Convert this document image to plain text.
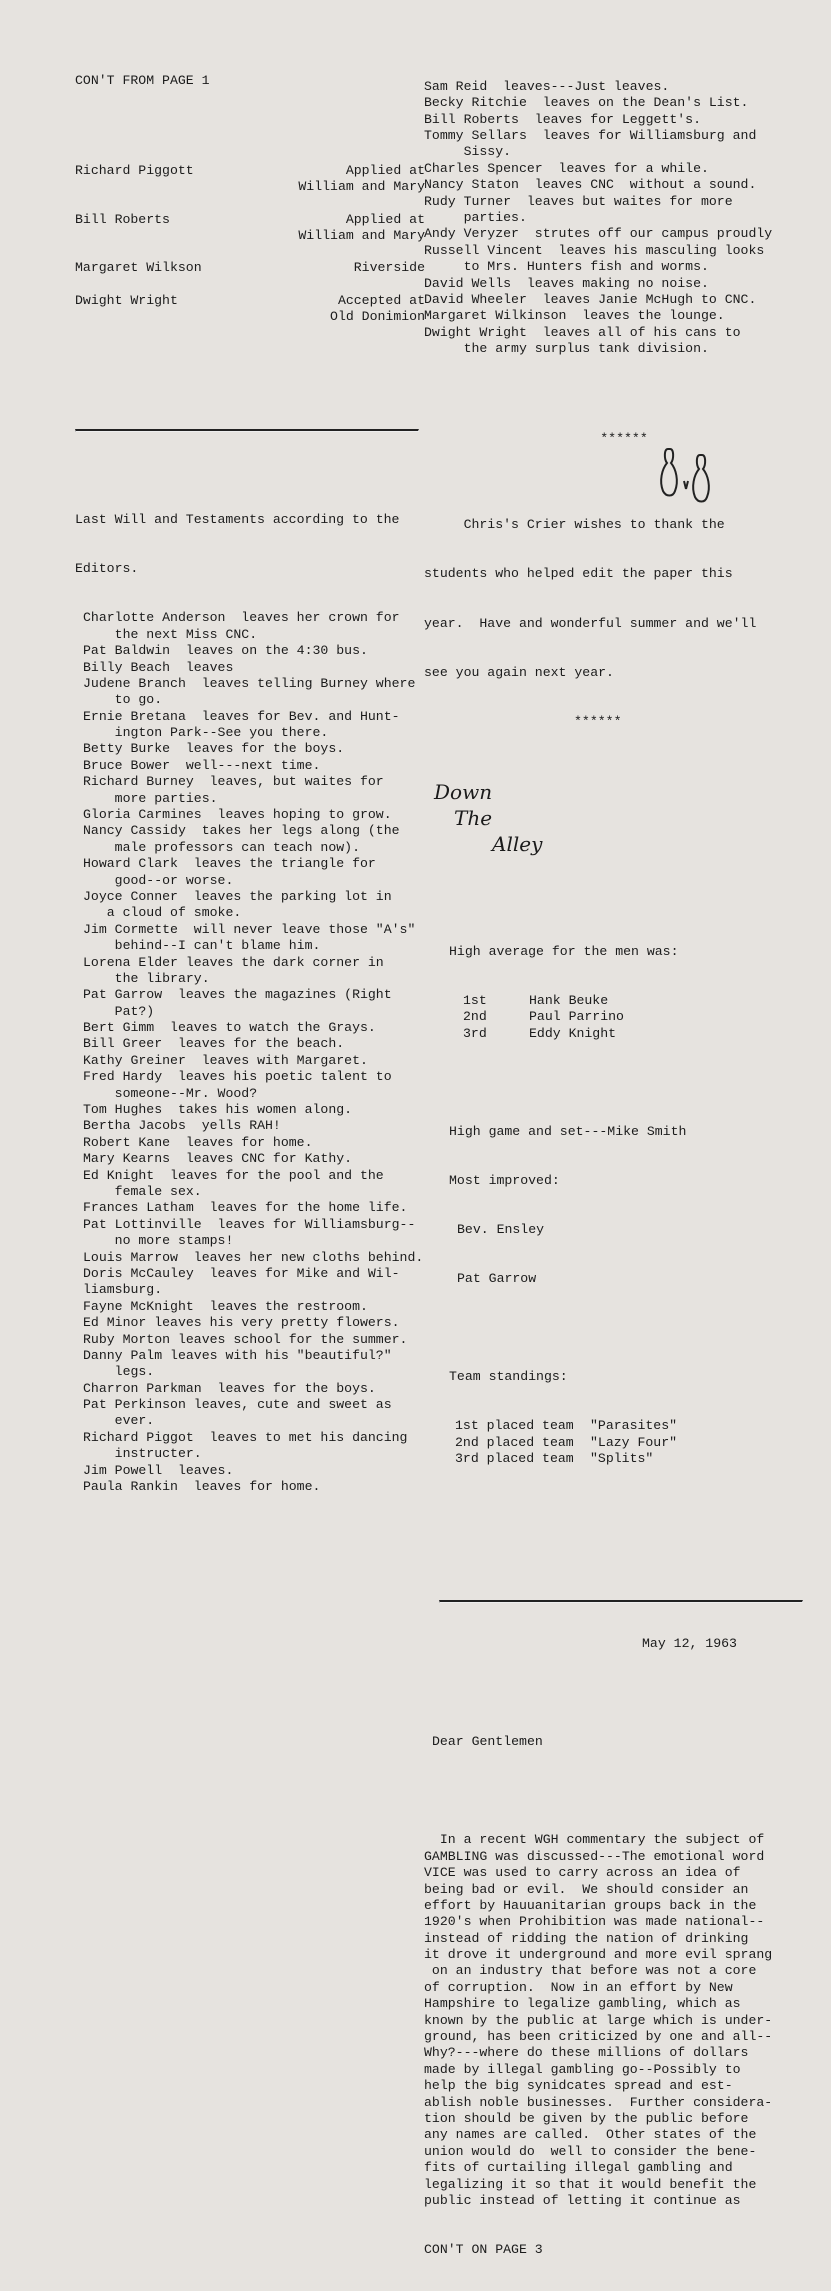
CON'T FROM PAGE 1

Richard Piggott	Applied at
William and Mary
Bill Roberts	Applied at
William and Mary
Margaret Wilkson	Riverside
Dwight Wright	Accepted at
Old Donimion

Last Will and Testaments according to the

Editors.

Charlotte Anderson  leaves her crown for
the next Miss CNC.
Pat Baldwin  leaves on the 4:30 bus.
Billy Beach  leaves
Judene Branch  leaves telling Burney where
to go.
Ernie Bretana  leaves for Bev. and Hunt-
ington Park--See you there.
Betty Burke  leaves for the boys.
Bruce Bower  well---next time.
Richard Burney  leaves, but waites for
more parties.
Gloria Carmines  leaves hoping to grow.
Nancy Cassidy  takes her legs along (the
male professors can teach now).
Howard Clark  leaves the triangle for
good--or worse.
Joyce Conner  leaves the parking lot in
a cloud of smoke.
Jim Cormette  will never leave those "A's"
behind--I can't blame him.
Lorena Elder leaves the dark corner in
the library.
Pat Garrow  leaves the magazines (Right
Pat?)
Bert Gimm  leaves to watch the Grays.
Bill Greer  leaves for the beach.
Kathy Greiner  leaves with Margaret.
Fred Hardy  leaves his poetic talent to
someone--Mr. Wood?
Tom Hughes  takes his women along.
Bertha Jacobs  yells RAH!
Robert Kane  leaves for home.
Mary Kearns  leaves CNC for Kathy.
Ed Knight  leaves for the pool and the
female sex.
Frances Latham  leaves for the home life.
Pat Lottinville  leaves for Williamsburg--
no more stamps!
Louis Marrow  leaves her new cloths behind.
Doris McCauley  leaves for Mike and Wil-
liamsburg.
Fayne McKnight  leaves the restroom.
Ed Minor leaves his very pretty flowers.
Ruby Morton leaves school for the summer.
Danny Palm leaves with his "beautiful?"
legs.
Charron Parkman  leaves for the boys.
Pat Perkinson leaves, cute and sweet as
ever.
Richard Piggot  leaves to met his dancing
instructer.
Jim Powell  leaves.
Paula Rankin  leaves for home.

Sam Reid  leaves---Just leaves.
Becky Ritchie  leaves on the Dean's List.
Bill Roberts  leaves for Leggett's.
Tommy Sellars  leaves for Williamsburg and
Sissy.
Charles Spencer  leaves for a while.
Nancy Staton  leaves CNC  without a sound.
Rudy Turner  leaves but waites for more
parties.
Andy Veryzer  strutes off our campus proudly
Russell Vincent  leaves his masculing looks
to Mrs. Hunters fish and worms.
David Wells  leaves making no noise.
David Wheeler  leaves Janie McHugh to CNC.
Margaret Wilkinson  leaves the lounge.
Dwight Wright  leaves all of his cans to
the army surplus tank division.

******

Chris's Crier wishes to thank the

students who helped edit the paper this

year.  Have and wonderful summer and we'll

see you again next year.

******

Down

The

Alley

High average for the men was:

1st	Hank Beuke
2nd	Paul Parrino
3rd	Eddy Knight

High game and set---Mike Smith

Most improved:

Bev. Ensley

Pat Garrow

Team standings:

1st placed team	"Parasites"
2nd placed team	"Lazy Four"
3rd placed team	"Splits"

May 12, 1963

Dear Gentlemen

In a recent WGH commentary the subject of
GAMBLING was discussed---The emotional word
VICE was used to carry across an idea of
being bad or evil.  We should consider an
effort by Hauuanitarian groups back in the
1920's when Prohibition was made national--
instead of ridding the nation of drinking
it drove it underground and more evil sprang
on an industry that before was not a core
of corruption.  Now in an effort by New
Hampshire to legalize gambling, which as
known by the public at large which is under-
ground, has been criticized by one and all--
Why?---where do these millions of dollars
made by illegal gambling go--Possibly to
help the big synidcates spread and est-
ablish noble businesses.  Further considera-
tion should be given by the public before
any names are called.  Other states of the
union would do  well to consider the bene-
fits of curtailing illegal gambling and
legalizing it so that it would benefit the
public instead of letting it continue as

CON'T ON PAGE 3
